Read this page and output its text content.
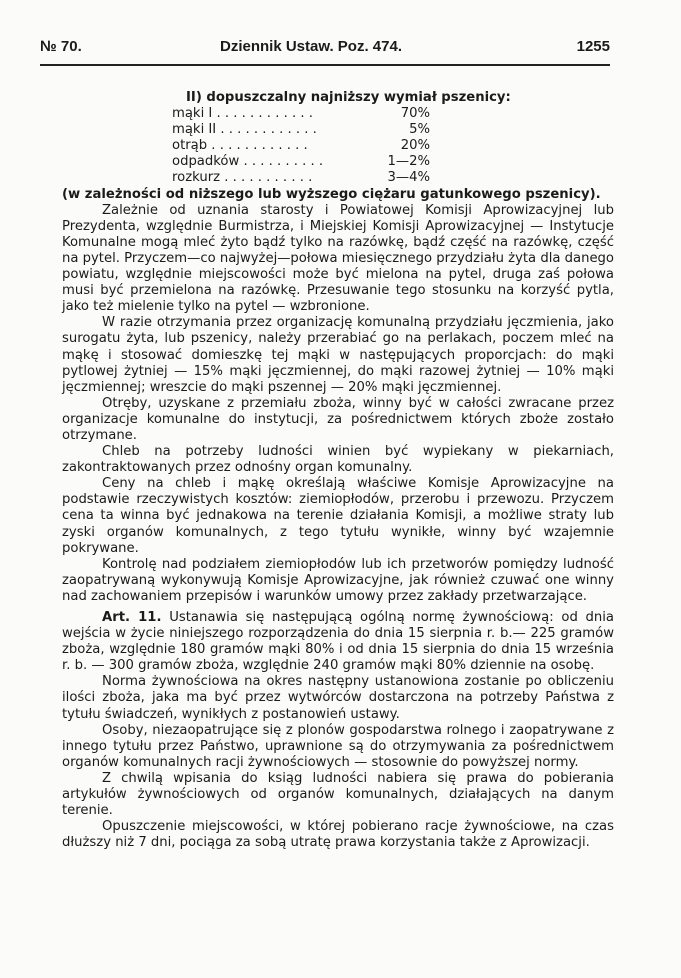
№ 70.	Dziennik Ustaw. Poz. 474.	1255

II) dopuszczalny najniższy wymiał pszenicy:

mąki I . . . . . . . . . . . .	70%
mąki II . . . . . . . . . . . .	5%
otrąb . . . . . . . . . . . .	20%
odpadków . . . . . . . . . .	1—2%
rozkurz . . . . . . . . . . .	3—4%

(w zależności od niższego lub wyższego ciężaru gatunkowego pszenicy).

Zależnie od uznania starosty i Powiatowej Komisji Aprowizacyjnej lub Prezydenta, względnie Burmistrza, i Miejskiej Komisji Aprowizacyjnej — Instytucje Komunalne mogą mleć żyto bądź tylko na razówkę, bądź część na razówkę, część na pytel. Przyczem—co najwyżej—połowa miesięcznego przydziału żyta dla danego powiatu, względnie miejscowości może być mielona na pytel, druga zaś połowa musi być przemielona na razówkę. Przesuwanie tego stosunku na korzyść pytla, jako też mielenie tylko na pytel — wzbronione.

W razie otrzymania przez organizację komunalną przydziału jęczmienia, jako surogatu żyta, lub pszenicy, należy przerabiać go na perlakach, poczem mleć na mąkę i stosować domieszkę tej mąki w następujących proporcjach: do mąki pytlowej żytniej — 15% mąki jęczmiennej, do mąki razowej żytniej — 10% mąki jęczmiennej; wreszcie do mąki pszennej — 20% mąki jęczmiennej.

Otręby, uzyskane z przemiału zboża, winny być w całości zwracane przez organizacje komunalne do instytucji, za pośrednictwem których zboże zostało otrzymane.

Chleb na potrzeby ludności winien być wypiekany w piekarniach, zakontraktowanych przez odnośny organ komunalny.

Ceny na chleb i mąkę określają właściwe Komisje Aprowizacyjne na podstawie rzeczywistych kosztów: ziemiopłodów, przerobu i przewozu. Przyczem cena ta winna być jednakowa na terenie działania Komisji, a możliwe straty lub zyski organów komunalnych, z tego tytułu wynikłe, winny być wzajemnie pokrywane.

Kontrolę nad podziałem ziemiopłodów lub ich przetworów pomiędzy ludność zaopatrywaną wykonywują Komisje Aprowizacyjne, jak również czuwać one winny nad zachowaniem przepisów i warunków umowy przez zakłady przetwarzające.

Art. 11. Ustanawia się następującą ogólną normę żywnościową: od dnia wejścia w życie niniejszego rozporządzenia do dnia 15 sierpnia r. b.— 225 gramów zboża, względnie 180 gramów mąki 80% i od dnia 15 sierpnia do dnia 15 września r. b. — 300 gramów zboża, względnie 240 gramów mąki 80% dziennie na osobę.

Norma żywnościowa na okres następny ustanowiona zostanie po obliczeniu ilości zboża, jaka ma być przez wytwórców dostarczona na potrzeby Państwa z tytułu świadczeń, wynikłych z postanowień ustawy.

Osoby, niezaopatrujące się z plonów gospodarstwa rolnego i zaopatrywane z innego tytułu przez Państwo, uprawnione są do otrzymywania za pośrednictwem organów komunalnych racji żywnościowych — stosownie do powyższej normy.

Z chwilą wpisania do ksiąg ludności nabiera się prawa do pobierania artykułów żywnościowych od organów komunalnych, działających na danym terenie.

Opuszczenie miejscowości, w której pobierano racje żywnościowe, na czas dłuższy niż 7 dni, pociąga za sobą utratę prawa korzystania także z Aprowizacji.
